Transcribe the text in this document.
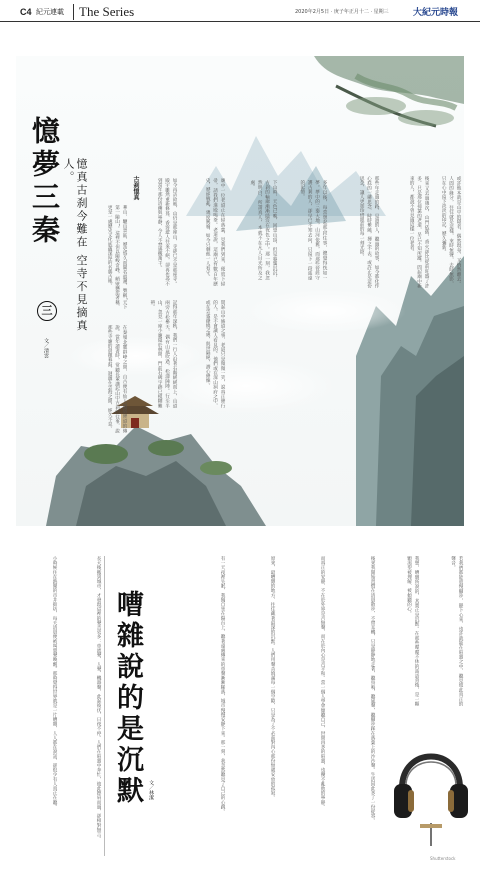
C4 紀元連載	The Series	2020年2月5日 · 庚子年正月十二 · 星期三	大紀元時報
憶夢三秦	憶真古刹今難在 空寺不見摘真人。
三
文／清雲
古刹憶真
華山、驪山景區，歷史悠久而聞名遐邇，號稱“天下第一險山”。這裡不但以險峻奇峰，峭壁懸崖著稱，更是一處歷史文化底蘊深厚的名勝古地。
在秦嶺北麓群峰之間，自古便有仙人隱居修道的傳說。當年讀書時，常聽長輩講起山中古剎的往事，說那些寺廟的晨鐘暮鼓，迴盪在雲海之間，經久不息。
如今再訪故地，山仍是那座山，寺卻已不是那座寺。殿宇雖然重新修葺，香客遊人往來不絕，卻再也尋不到當年那份清幽與寧靜，令人不禁感慨萬千。
記得那年深秋，我們一行人沿著石階緩緩而上，山道兩旁古松參天，偶有山風吹過，松濤陣陣。行至半山，忽見一座小廟隱於林間，門前石碑字跡已模糊難辨。
廟中一位老道正在掃落葉，見我們到來，便放下掃帚，請我們進殿喝茶。老道說，這廟已有數百年歷史，歷經戰亂，幾度興廢，如今只剩他一人看守。
問起山中修道之事，老道只是微微一笑，說真正修行的人，是不會讓人看見的。他們或在深山洞府之中，或在雲霧繚繞之處，與世隔絕，潛心修煉。
下山時，天色已晚，回望山頂，但見暮靄沉沉，古剎的輪廓漸漸隱沒在夜色之中。那一刻，我忽然明白，所謂真人，本就不在凡人目光所及之處。	多年以後，每當想起那段往事，總覺得恍如一夢。夢中的三秦大地，山河依舊，而那些曾經守護古剎的人，卻早已不知去向，只留下一段遙遠的記憶。	那些年走過的路，見過的人，聽過的故事，如今都化作心底的一縷思念，時時縈繞，揮之不去。或許正是這份思念，讓人更加珍惜眼前的每一刻光陰。	後來又去過幾次，山門依舊，香火卻比從前旺盛了許多。只是那位掃葉的老道，早已不知所蹤。問起廟中新來的人，都說不曾見過這樣一位老者。	或許他本就是山中的隱者，偶然現身，又悄然離去。人間的緣分，往往就是這樣，來時無聲，去時無影，只在心中留下淡淡的印記，歷久彌新。
嘈雜說的是沉默	文／林潔
小時候住在熱鬧的市井街坊，每天清晨便被叫賣聲喚醒。那時覺得世界就是一片嘈雜，人人都在說話，卻很少有人真正在聽。	長大後搬到城市，才發現這裡的聲音更多：車流聲、人聲、機器聲，此起彼伏，日夜不停。人們在喧囂中奔忙，彼此擦肩而過，卻相對無言。	有一天夜裡失眠，我獨自坐在陽台上，聽著遠處傳來的車聲漸漸稀落，城市慢慢安靜下來。那一刻，我忽然聽見了自己的心跳。	原來，最嘈雜的地方，往往藏著最深的沉默。人們用聲音填滿每一個空隙，只是為了不必面對內心那份無處安放的孤寂。	而真正的安靜，不在於外界是否無聲，而在於內心是否平和。當一個人學會傾聽自己，世間再多的喧囂，也擾不亂他的寧靜。	後來我開始習慣在清晨散步，不帶耳機，只是靜靜地走著，聽鳥鳴，聽風聲，聽腳步踩在落葉上的沙沙聲。生活因此多了一份從容。	我想，嘈雜所說的，其實正是沉默。在那些喋喋不休的話語背後，是一顆顆渴望被理解、被傾聽的心。	若我們都能放慢腳步，靜下心來，也許就能在喧囂之中，聽見彼此真正的聲音。
Shutterstock
